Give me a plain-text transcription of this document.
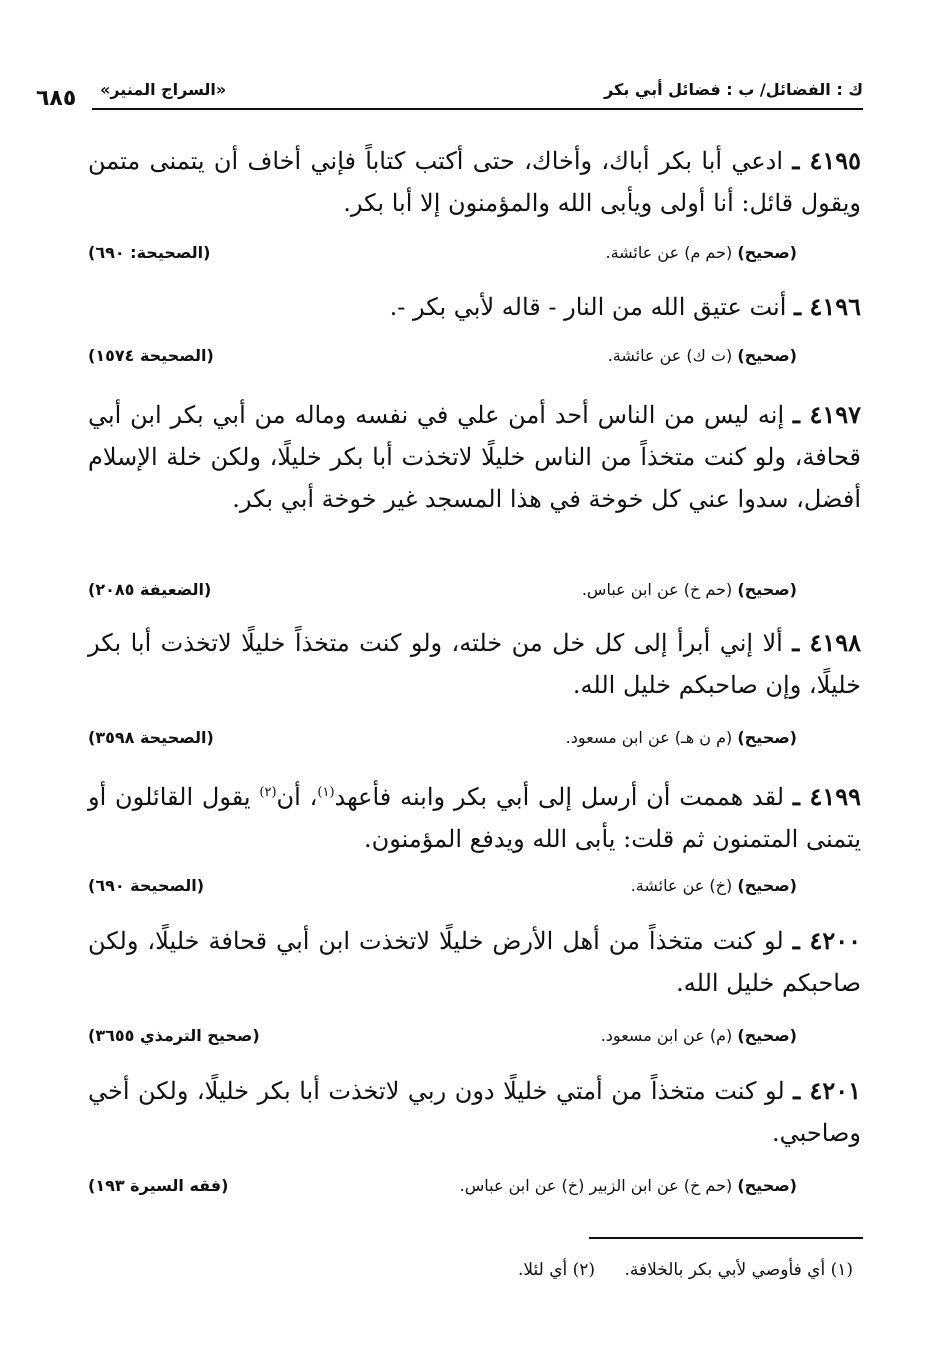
ك : الفضائل/ ب : فضائل أبي بكر
«السراج المنير»
٦٨٥
٤١٩٥ ـ ادعي أبا بكر أباك، وأخاك، حتى أكتب كتاباً فإني أخاف أن يتمنى متمن ويقول قائل: أنا أولى ويأبى الله والمؤمنون إلا أبا بكر.
(صحيح) (حم م) عن عائشة.
(الصحيحة: ٦٩٠)
٤١٩٦ ـ أنت عتيق الله من النار - قاله لأبي بكر -.
(صحيح) (ت ك) عن عائشة.
(الصحيحة ١٥٧٤)
٤١٩٧ ـ إنه ليس من الناس أحد أمن علي في نفسه وماله من أبي بكر ابن أبي قحافة، ولو كنت متخذاً من الناس خليلًا لاتخذت أبا بكر خليلًا، ولكن خلة الإسلام أفضل، سدوا عني كل خوخة في هذا المسجد غير خوخة أبي بكر.
(صحيح) (حم خ) عن ابن عباس.
(الضعيفة ٢٠٨٥)
٤١٩٨ ـ ألا إني أبرأ إلى كل خل من خلته، ولو كنت متخذاً خليلًا لاتخذت أبا بكر خليلًا، وإن صاحبكم خليل الله.
(صحيح) (م ن هـ) عن ابن مسعود.
(الصحيحة ٣٥٩٨)
٤١٩٩ ـ لقد هممت أن أرسل إلى أبي بكر وابنه فأعهد$^{(١)}$، أن$^{(٢)}$ يقول القائلون أو يتمنى المتمنون ثم قلت: يأبى الله ويدفع المؤمنون.
(صحيح) (خ) عن عائشة.
(الصحيحة ٦٩٠)
٤٢٠٠ ـ لو كنت متخذاً من أهل الأرض خليلًا لاتخذت ابن أبي قحافة خليلًا، ولكن صاحبكم خليل الله.
(صحيح) (م) عن ابن مسعود.
(صحيح الترمذي ٣٦٥٥)
٤٢٠١ ـ لو كنت متخذاً من أمتي خليلًا دون ربي لاتخذت أبا بكر خليلًا، ولكن أخي وصاحبي.
(صحيح) (حم خ) عن ابن الزبير (خ) عن ابن عباس.
(فقه السيرة ١٩٣)
(١) أي فأوصي لأبي بكر بالخلافة. (٢) أي لئلا.
